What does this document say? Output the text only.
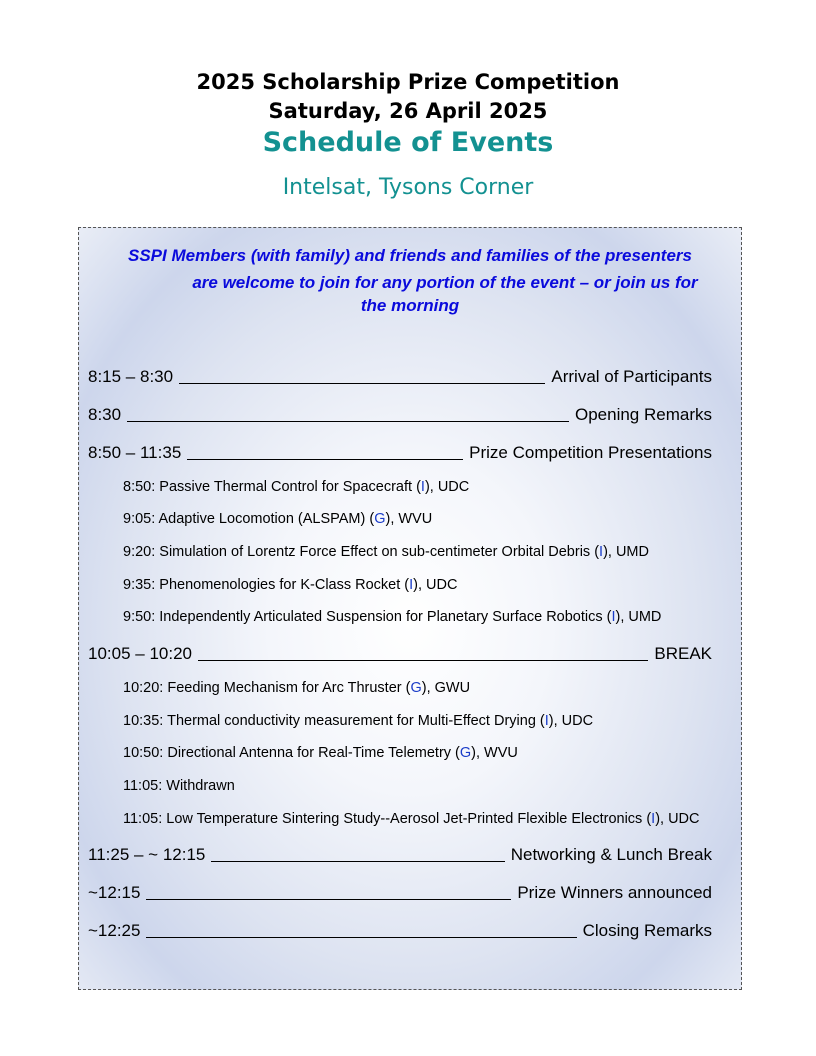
2025 Scholarship Prize Competition
Saturday, 26 April 2025
Schedule of Events
Intelsat, Tysons Corner
SSPI Members (with family) and friends and families of the presenters
are welcome to join for any portion of the event – or join us for
the morning
8:15 – 8:30	Arrival of Participants
8:30	Opening Remarks
8:50 – 11:35	Prize Competition Presentations
8:50: Passive Thermal Control for Spacecraft (I), UDC
9:05: Adaptive Locomotion (ALSPAM) (G), WVU
9:20: Simulation of Lorentz Force Effect on sub-centimeter Orbital Debris (I), UMD
9:35: Phenomenologies for K-Class Rocket (I), UDC
9:50: Independently Articulated Suspension for Planetary Surface Robotics (I), UMD
10:05 – 10:20	BREAK
10:20: Feeding Mechanism for Arc Thruster (G), GWU
10:35: Thermal conductivity measurement for Multi-Effect Drying (I), UDC
10:50: Directional Antenna for Real-Time Telemetry (G), WVU
11:05: Withdrawn
11:05: Low Temperature Sintering Study--Aerosol Jet-Printed Flexible Electronics (I), UDC
11:25 – ~ 12:15	Networking & Lunch Break
~12:15	Prize Winners announced
~12:25	Closing Remarks
